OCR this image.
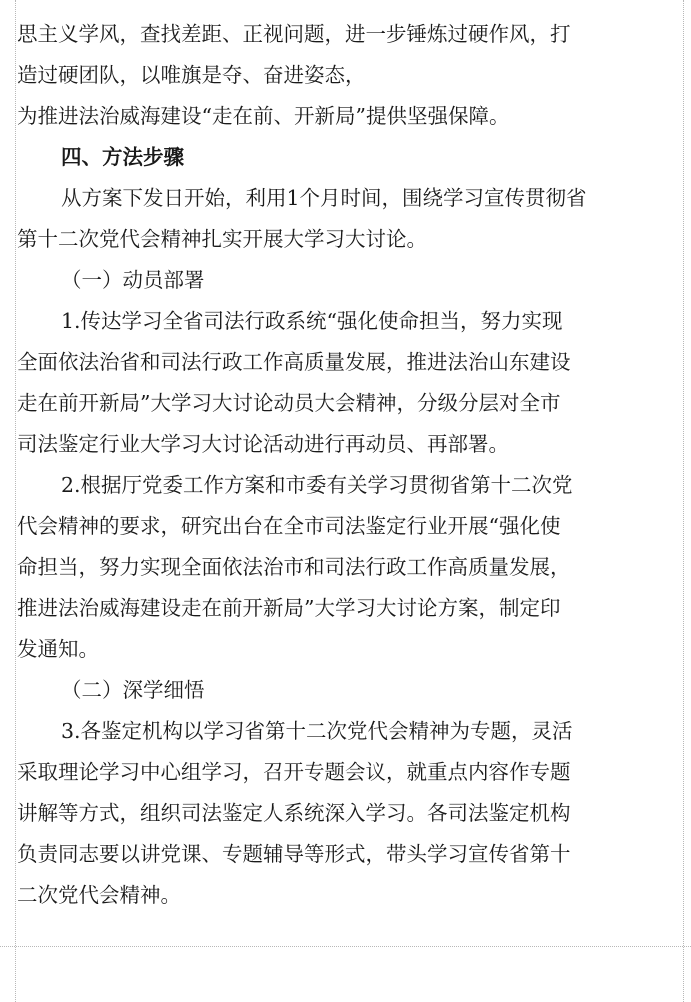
思主义学风，查找差距、正视问题，进一步锤炼过硬作风，打
造过硬团队，以唯旗是夺、奋进姿态，
为推进法治威海建设“走在前、开新局”提供坚强保障。
四、方法步骤
从方案下发日开始，利用1个月时间，围绕学习宣传贯彻省
第十二次党代会精神扎实开展大学习大讨论。
（一）动员部署
1.传达学习全省司法行政系统“强化使命担当，努力实现
全面依法治省和司法行政工作高质量发展，推进法治山东建设
走在前开新局”大学习大讨论动员大会精神，分级分层对全市
司法鉴定行业大学习大讨论活动进行再动员、再部署。
2.根据厅党委工作方案和市委有关学习贯彻省第十二次党
代会精神的要求，研究出台在全市司法鉴定行业开展“强化使
命担当，努力实现全面依法治市和司法行政工作高质量发展，
推进法治威海建设走在前开新局”大学习大讨论方案，制定印
发通知。
（二）深学细悟
3.各鉴定机构以学习省第十二次党代会精神为专题，灵活
采取理论学习中心组学习，召开专题会议，就重点内容作专题
讲解等方式，组织司法鉴定人系统深入学习。各司法鉴定机构
负责同志要以讲党课、专题辅导等形式，带头学习宣传省第十
二次党代会精神。
